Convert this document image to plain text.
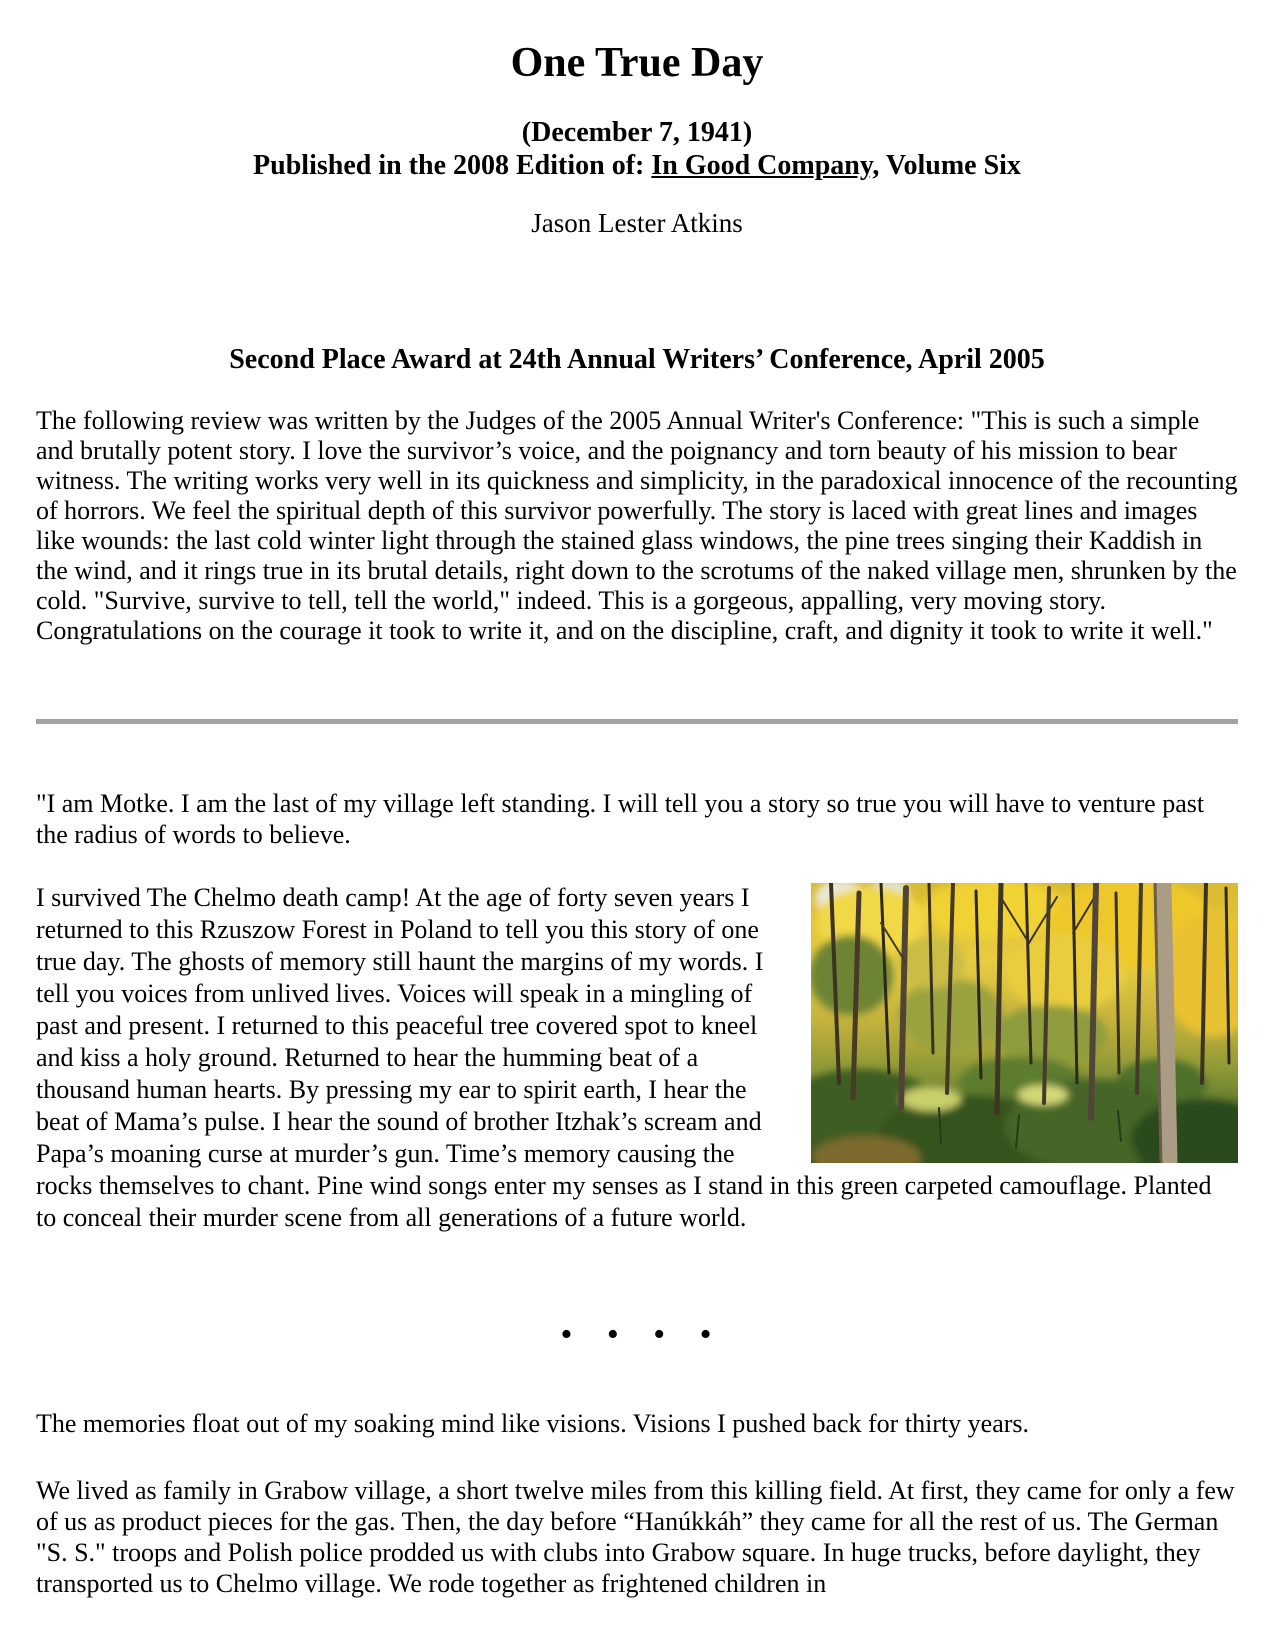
One True Day
(December 7, 1941)
Published in the 2008 Edition of: In Good Company, Volume Six
Jason Lester Atkins
Second Place Award at 24th Annual Writers’ Conference, April 2005

The following review was written by the Judges of the 2005 Annual Writer's Conference: "This is such a simple and brutally potent story. I love the survivor’s voice, and the poignancy and torn beauty of his mission to bear witness. The writing works very well in its quickness and simplicity, in the paradoxical innocence of the recounting of horrors. We feel the spiritual depth of this survivor powerfully. The story is laced with great lines and images like wounds: the last cold winter light through the stained glass windows, the pine trees singing their Kaddish in the wind, and it rings true in its brutal details, right down to the scrotums of the naked village men, shrunken by the cold. "Survive, survive to tell, tell the world," indeed. This is a gorgeous, appalling, very moving story. Congratulations on the courage it took to write it, and on the discipline, craft, and dignity it took to write it well."

"I am Motke. I am the last of my village left standing. I will tell you a story so true you will have to venture past the radius of words to believe.

I survived The Chelmo death camp! At the age of forty seven years I returned to this Rzuszow Forest in Poland to tell you this story of one true day. The ghosts of memory still haunt the margins of my words. I tell you voices from unlived lives. Voices will speak in a mingling of past and present. I returned to this peaceful tree covered spot to kneel and kiss a holy ground. Returned to hear the humming beat of a thousand human hearts. By pressing my ear to spirit earth, I hear the beat of Mama’s pulse. I hear the sound of brother Itzhak’s scream and Papa’s moaning curse at murder’s gun. Time’s memory causing the rocks themselves to chant. Pine wind songs enter my senses as I stand in this green carpeted camouflage. Planted to conceal their murder scene from all generations of a future world.

• • • •

The memories float out of my soaking mind like visions. Visions I pushed back for thirty years.

We lived as family in Grabow village, a short twelve miles from this killing field. At first, they came for only a few of us as product pieces for the gas. Then, the day before “Hanúkkáh” they came for all the rest of us. The German "S. S." troops and Polish police prodded us with clubs into Grabow square. In huge trucks, before daylight, they transported us to Chelmo village. We rode together as frightened children in
